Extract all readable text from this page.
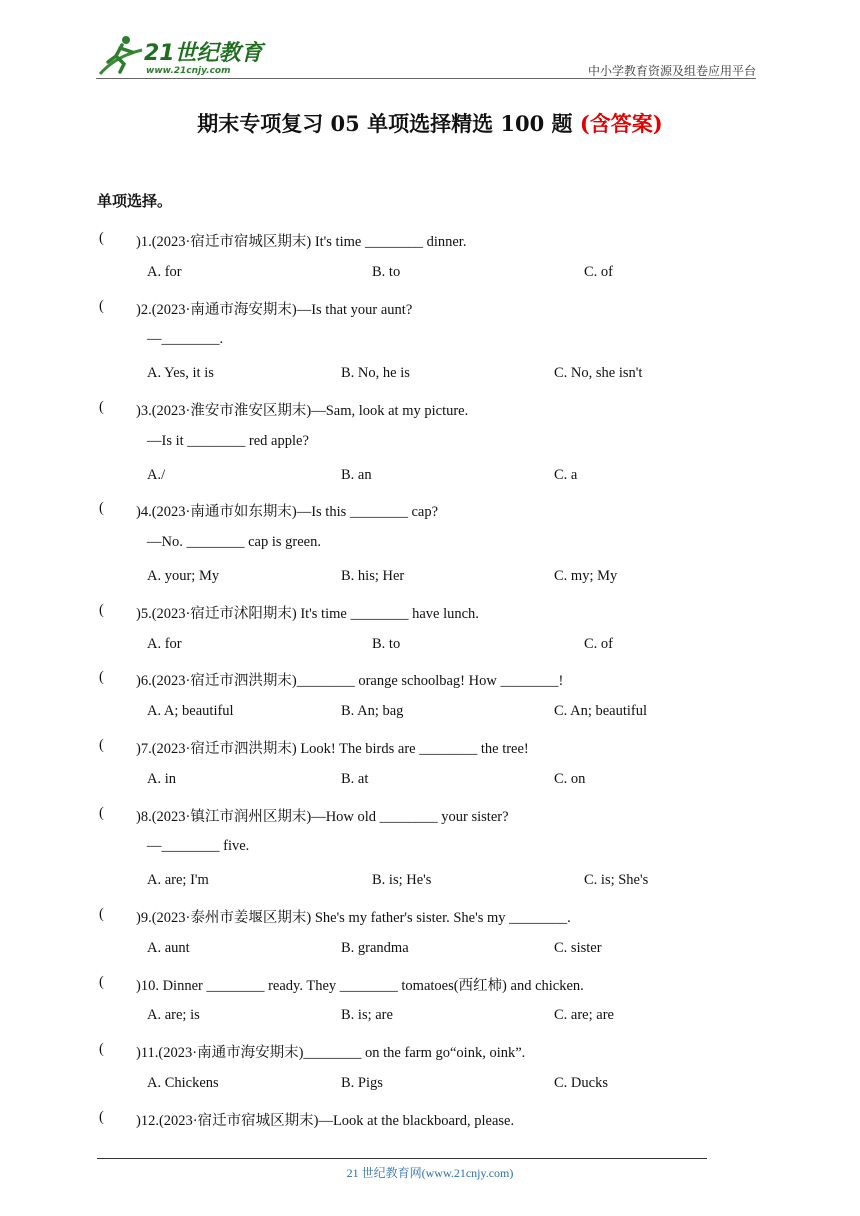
21世纪教育
www.21cnjy.com	中小学教育资源及组卷应用平台
期末专项复习 05 单项选择精选 100 题 (含答案)
单项选择。
( )1.(2023·宿迁市宿城区期末) It's time ________ dinner.
A. for	B. to	C. of
( )2.(2023·南通市海安期末)—Is that your aunt?
—________.
A. Yes, it is	B. No, he is	C. No, she isn't
( )3.(2023·淮安市淮安区期末)—Sam, look at my picture.
—Is it ________ red apple?
A./	B. an	C. a
( )4.(2023·南通市如东期末)—Is this ________ cap?
—No. ________ cap is green.
A. your; My	B. his; Her	C. my; My
( )5.(2023·宿迁市沭阳期末) It's time ________ have lunch.
A. for	B. to	C. of
( )6.(2023·宿迁市泗洪期末)________ orange schoolbag! How ________!
A. A; beautiful	B. An; bag	C. An; beautiful
( )7.(2023·宿迁市泗洪期末) Look! The birds are ________ the tree!
A. in	B. at	C. on
( )8.(2023·镇江市润州区期末)—How old ________ your sister?
—________ five.
A. are; I'm	B. is; He's	C. is; She's
( )9.(2023·泰州市姜堰区期末) She's my father's sister. She's my ________.
A. aunt	B. grandma	C. sister
( )10. Dinner ________ ready. They ________ tomatoes(西红柿) and chicken.
A. are; is	B. is; are	C. are; are
( )11.(2023·南通市海安期末)________ on the farm go“oink, oink”.
A. Chickens	B. Pigs	C. Ducks
( )12.(2023·宿迁市宿城区期末)—Look at the blackboard, please.
21 世纪教育网(www.21cnjy.com)
